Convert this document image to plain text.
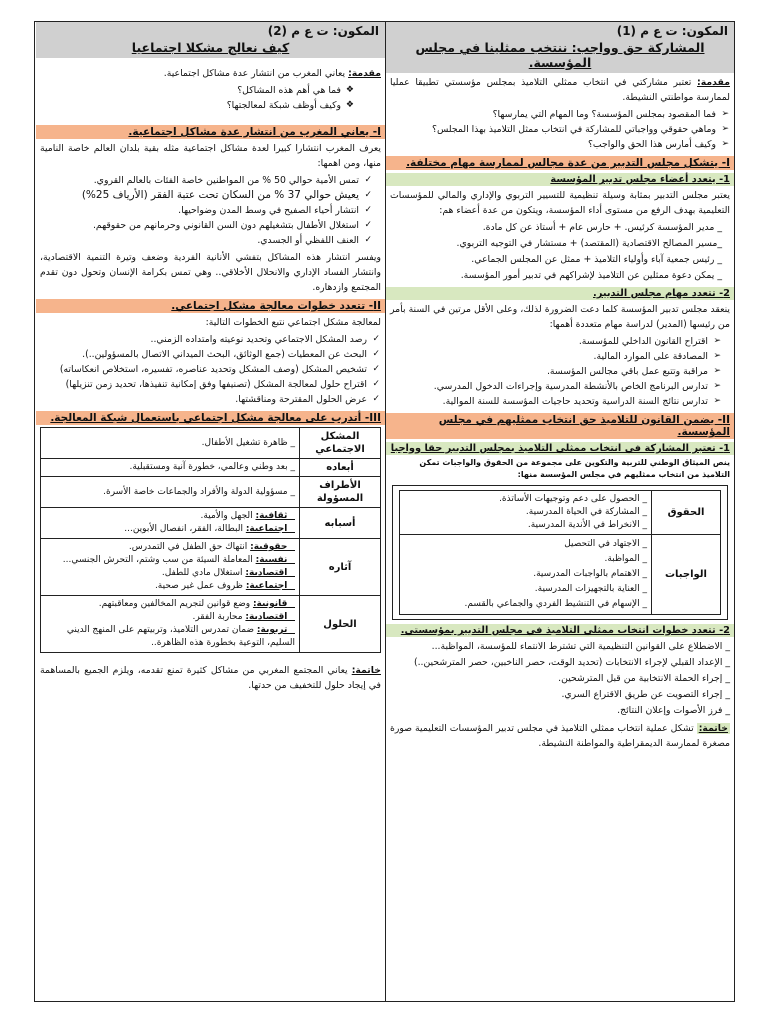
المكون: ت ع م (1)
المشاركة حق وواجب: ننتخب ممثلينا في مجلس المؤسسة.
مقدمة: تعتبر مشاركتي في انتخاب ممثلي التلاميذ بمجلس مؤسستي تطبيقا عمليا لممارسة مواطنتي النشيطة.
➢
فما المقصود بمجلس المؤسسة؟ وما المهام التي يمارسها؟
➢
وماهي حقوقي وواجباتي للمشاركة في انتخاب ممثل التلاميذ بهذا المجلس؟
➢
وكيف أمارس هذا الحق والواجب؟
I- يتشكل مجلس التدبير من عدة مجالس لممارسة مهام مختلفة.
1- يتعدد أعضاء مجلس تدبير المؤسسة
يعتبر مجلس التدبير بمثابة وسيلة تنظيمية للتسيير التربوي والإداري والمالي للمؤسسات التعليمية بهدف الرفع من مستوى أداء المؤسسة، ويتكون من عدة أعضاء هم:
_ مدير المؤسسة كرئيس. + حارس عام + أستاذ عن كل مادة.
_مسير المصالح الاقتصادية (المقتصد) + مستشار في التوجيه التربوي.
_ رئيس جمعية آباء وأولياء التلاميذ + ممثل عن المجلس الجماعي.
_ يمكن دعوة ممثلين عن التلاميذ لإشراكهم في تدبير أمور المؤسسة.
2- تتعدد مهام مجلس التدبير.
ينعقد مجلس تدبير المؤسسة كلما دعت الضرورة لذلك، وعلى الأقل مرتين في السنة بأمر من رئيسها (المدير) لدراسة مهام متعددة أهمها:
➢
اقتراح القانون الداخلي للمؤسسة.
➢
المصادقة على الموارد المالية.
➢
مراقبة وتتبع عمل باقي مجالس المؤسسة.
➢
تدارس البرنامج الخاص بالأنشطة المدرسية وإجراءات الدخول المدرسي.
➢
تدارس نتائج السنة الدراسية وتحديد حاجيات المؤسسة للسنة الموالية.
II- يضمن القانون للتلاميذ حق انتخاب ممثليهم في مجلس المؤسسة.
1- تعتبر المشاركة في انتخاب ممثلي التلاميذ بمجلس التدبير حقا وواجبا
ينص الميثاق الوطني للتربية والتكوين على مجموعة من الحقوق والواجبات تمكن التلاميذ من انتخاب ممثليهم في مجلس المؤسسة منها:
الحقوق	_ الحصول على دعم وتوجيهات الأساتذة.
_ المشاركة في الحياة المدرسية.
_ الانخراط في الأندية المدرسية.

الواجبات	_ الاجتهاد في التحصيل
_ المواظبة.
_ الاهتمام بالواجبات المدرسية.
_ العناية بالتجهيزات المدرسية.
_ الإسهام في التنشيط الفردي والجماعي بالقسم.
2- تتعدد خطوات انتخاب ممثلي التلاميذ في مجلس التدبير بمؤسستي.
_ الاضطلاع على القوانين التنظيمية التي تشترط الانتماء للمؤسسة، المواظبة...
_ الإعداد القبلي لإجراء الانتخابات (تحديد الوقت، حصر الناخبين، حصر المترشحين..)
_ إجراء الحملة الانتخابية من قبل المترشحين.
_ إجراء التصويت عن طريق الاقتراع السري.
_ فرز الأصوات وإعلان النتائج.
خاتمة: تشكل عملية انتخاب ممثلي التلاميذ في مجلس تدبير المؤسسات التعليمية صورة مصغرة لممارسة الديمقراطية والمواطنة النشيطة.
المكون: ت ع م (2)
كيف نعالج مشكلا اجتماعيا
مقدمة: يعاني المغرب من انتشار عدة مشاكل اجتماعية.
❖
فما هي أهم هذه المشاكل؟
❖
وكيف أوظف شبكة لمعالجتها؟
I- يعاني المغرب من انتشار عدة مشاكل اجتماعية.
يعرف المغرب انتشارا كبيرا لعدة مشاكل اجتماعية مثله بقية بلدان العالم خاصة النامية منها، ومن اهمها:
✓
تمس الأمية حوالي 50 % من المواطنين خاصة الفئات بالعالم القروي.
✓
يعيش حوالي 37 % من السكان تحت عتبة الفقر (الأرياف 25%)
✓
انتشار أحياء الصفيح في وسط المدن وضواحيها.
✓
استغلال الأطفال بتشغيلهم دون السن القانوني وحرمانهم من حقوقهم.
✓
العنف اللفظي أو الجسدي.
ويفسر انتشار هذه المشاكل بتفشي الأنانية الفردية وضعف وتيرة التنمية الاقتصادية، وانتشار الفساد الإداري والانحلال الأخلاقي.. وهي تمس بكرامة الإنسان وتحول دون تقدم المجتمع وازدهاره.
II- تتعدد خطوات معالجة مشكل اجتماعي.
لمعالجة مشكل اجتماعي نتبع الخطوات التالية:
✓
رصد المشكل الاجتماعي وتحديد نوعيته وامتداده الزمني..
✓
البحث عن المعطيات (جمع الوثائق، البحث الميداني الاتصال بالمسؤولين..).
✓
تشخيص المشكل (وصف المشكل وتحديد عناصره، تفسيره، استخلاص انعكاساته)
✓
اقتراح حلول لمعالجة المشكل (تصنيفها وفق إمكانية تنفيذها، تحديد زمن تنزيلها)
✓
عرض الحلول المقترحة ومناقشتها.
III- أتدرب على معالجة مشكل اجتماعي باستعمال شبكة المعالجة.
المشكل الاجتماعي	_ ظاهرة تشغيل الأطفال.
أبعاده	_ بعد وطني وعالمي، خطورة آنية ومستقبلية.
الأطراف المسؤولة	_ مسؤولية الدولة والأفراد والجماعات خاصة الأسرة.
أسبابه	_ ثقافية: الجهل والأمية.
_ اجتماعية: البطالة، الفقر، انفصال الأبوين...

آثاره	_ حقوقية: انتهاك حق الطفل في التمدرس.
_ نفسية: المعاملة السيئة من سب وشتم، التحرش الجنسي...
_ اقتصادية: استغلال مادي للطفل.
_ اجتماعية: ظروف عمل غير صحية.

الحلول	_ قانونية: وضع قوانين لتجريم المخالفين ومعاقبتهم.
_ اقتصادية: محاربة الفقر.
_ تربوية: ضمان تمدرس التلاميذ، وتربيتهم على المنهج الديني السليم، التوعية بخطورة هذه الظاهرة..
خاتمة: يعاني المجتمع المغربي من مشاكل كثيرة تمنع تقدمه، ويلزم الجميع بالمساهمة في إيجاد حلول للتخفيف من حدتها.
